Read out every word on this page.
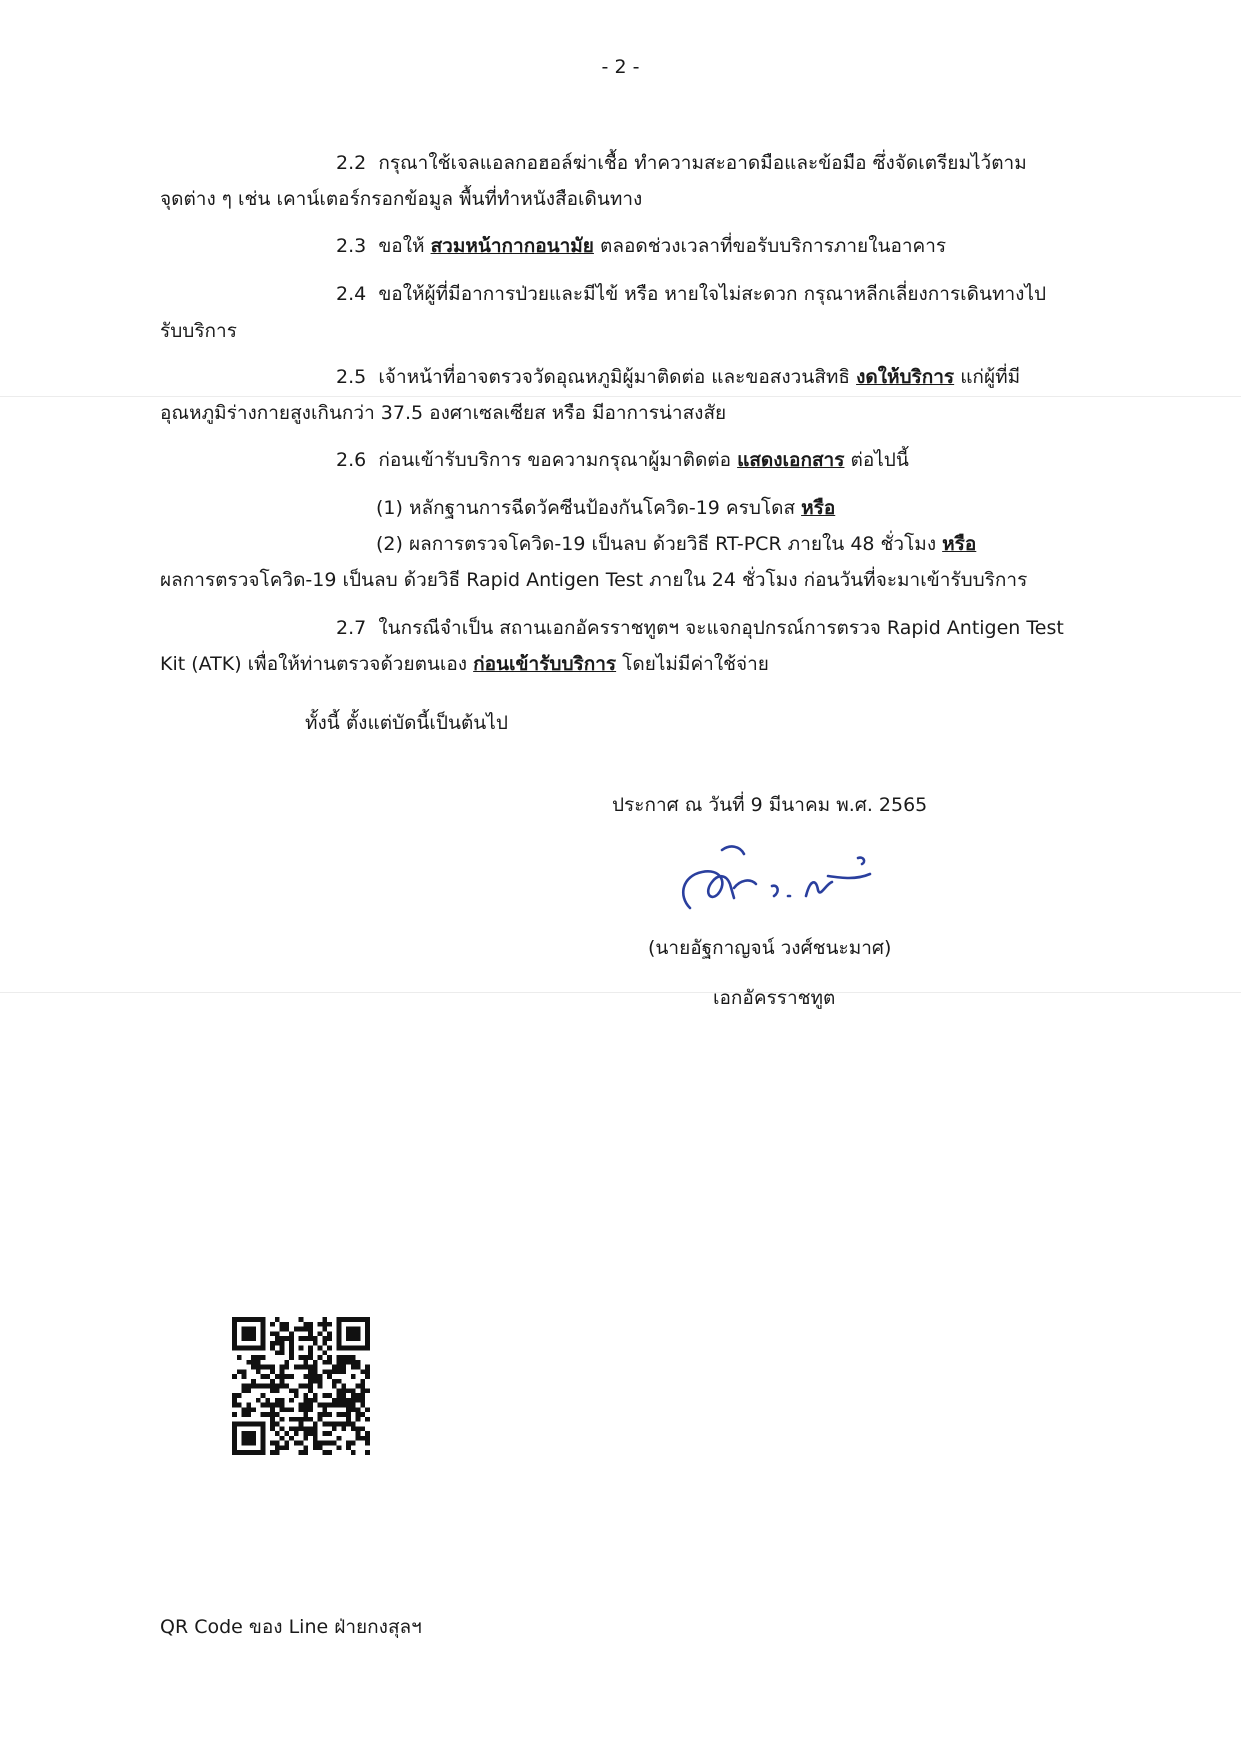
- 2 -
2.2 กรุณาใช้เจลแอลกอฮอล์ฆ่าเชื้อ ทำความสะอาดมือและข้อมือ ซึ่งจัดเตรียมไว้ตาม
จุดต่าง ๆ เช่น เคาน์เตอร์กรอกข้อมูล พื้นที่ทำหนังสือเดินทาง
2.3 ขอให้ สวมหน้ากากอนามัย ตลอดช่วงเวลาที่ขอรับบริการภายในอาคาร
2.4 ขอให้ผู้ที่มีอาการป่วยและมีไข้ หรือ หายใจไม่สะดวก กรุณาหลีกเลี่ยงการเดินทางไป
รับบริการ
2.5 เจ้าหน้าที่อาจตรวจวัดอุณหภูมิผู้มาติดต่อ และขอสงวนสิทธิ งดให้บริการ แก่ผู้ที่มี
อุณหภูมิร่างกายสูงเกินกว่า 37.5 องศาเซลเซียส หรือ มีอาการน่าสงสัย
2.6 ก่อนเข้ารับบริการ ขอความกรุณาผู้มาติดต่อ แสดงเอกสาร ต่อไปนี้
(1) หลักฐานการฉีดวัคซีนป้องกันโควิด-19 ครบโดส หรือ
(2) ผลการตรวจโควิด-19 เป็นลบ ด้วยวิธี RT-PCR ภายใน 48 ชั่วโมง หรือ
ผลการตรวจโควิด-19 เป็นลบ ด้วยวิธี Rapid Antigen Test ภายใน 24 ชั่วโมง ก่อนวันที่จะมาเข้ารับบริการ
2.7 ในกรณีจำเป็น สถานเอกอัครราชทูตฯ จะแจกอุปกรณ์การตรวจ Rapid Antigen Test
Kit (ATK) เพื่อให้ท่านตรวจด้วยตนเอง ก่อนเข้ารับบริการ โดยไม่มีค่าใช้จ่าย
ทั้งนี้ ตั้งแต่บัดนี้เป็นต้นไป
ประกาศ ณ วันที่ 9 มีนาคม พ.ศ. 2565
(นายอัฐกาญจน์ วงศ์ชนะมาศ)
เอกอัครราชทูต
QR Code ของ Line ฝ่ายกงสุลฯ
